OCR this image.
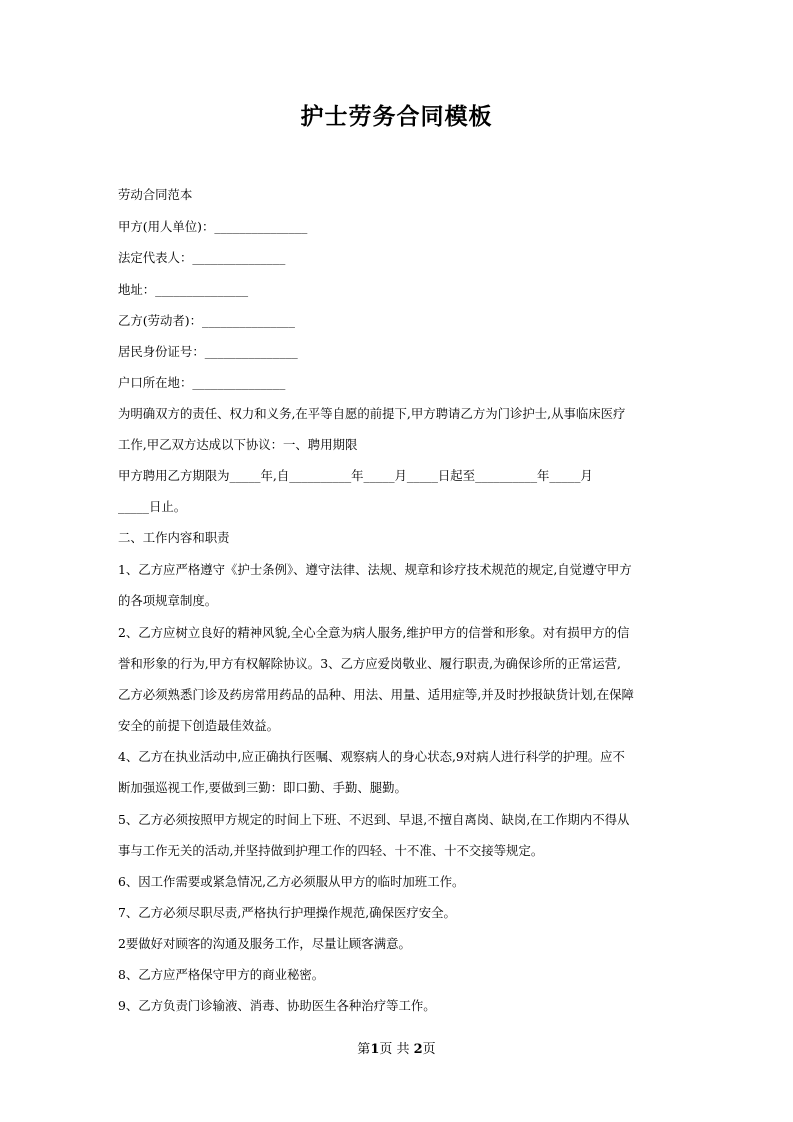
护士劳务合同模板
劳动合同范本
甲方(用人单位)：_______________
法定代表人：_______________
地址：_______________
乙方(劳动者)：_______________
居民身份证号：_______________
户口所在地：_______________
为明确双方的责任、权力和义务,在平等自愿的前提下,甲方聘请乙方为门诊护士,从事临床医疗
工作,甲乙双方达成以下协议：一、聘用期限
甲方聘用乙方期限为_____年,自__________年_____月_____日起至__________年_____月
_____日止。
二、工作内容和职责
1、乙方应严格遵守《护士条例》、遵守法律、法规、规章和诊疗技术规范的规定,自觉遵守甲方
的各项规章制度。
2、乙方应树立良好的精神风貌,全心全意为病人服务,维护甲方的信誉和形象。对有损甲方的信
誉和形象的行为,甲方有权解除协议。3、乙方应爱岗敬业、履行职责,为确保诊所的正常运营,
乙方必须熟悉门诊及药房常用药品的品种、用法、用量、适用症等,并及时抄报缺货计划,在保障
安全的前提下创造最佳效益。
4、乙方在执业活动中,应正确执行医嘱、观察病人的身心状态,9对病人进行科学的护理。应不
断加强巡视工作,要做到三勤：即口勤、手勤、腿勤。
5、乙方必须按照甲方规定的时间上下班、不迟到、早退,不擅自离岗、缺岗,在工作期内不得从
事与工作无关的活动,并坚持做到护理工作的四轻、十不准、十不交接等规定。
6、因工作需要或紧急情况,乙方必须服从甲方的临时加班工作。
7、乙方必须尽职尽责,严格执行护理操作规范,确保医疗安全。
2要做好对顾客的沟通及服务工作，尽量让顾客满意。
8、乙方应严格保守甲方的商业秘密。
9、乙方负责门诊输液、消毒、协助医生各种治疗等工作。
第1页 共 2页
